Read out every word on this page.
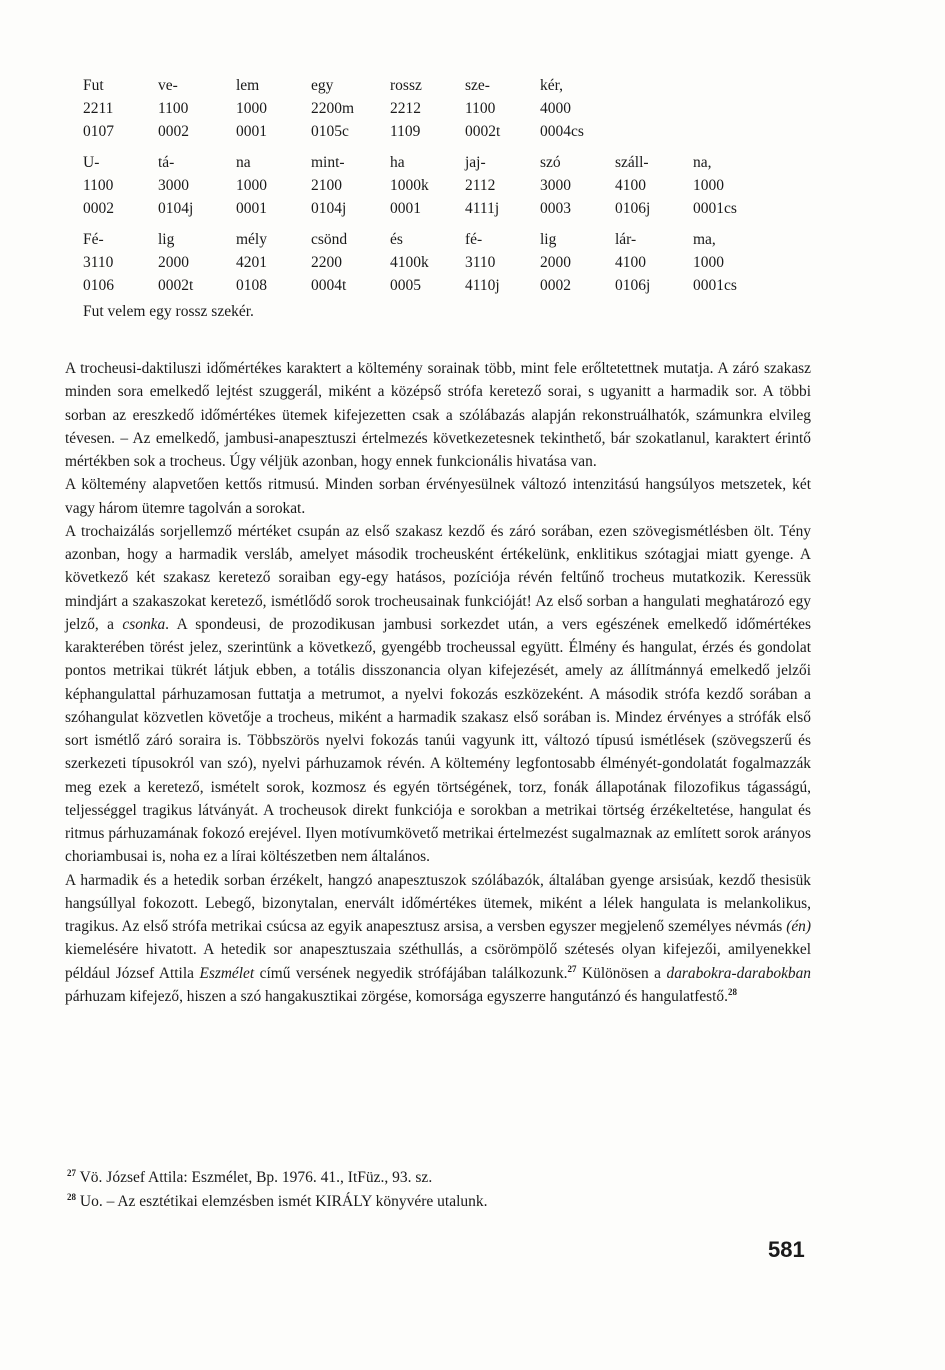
Fut	ve-	lem	egy	rossz	sze-	kér,
2211	1100	1000	2200m	2212	1100	4000
0107	0002	0001	0105c	1109	0002t	0004cs
U-	tá-	na	mint-	ha	jaj-	szó	száll-	na,
1100	3000	1000	2100	1000k	2112	3000	4100	1000
0002	0104j	0001	0104j	0001	4111j	0003	0106j	0001cs
Fé-	lig	mély	csönd	és	fé-	lig	lár-	ma,
3110	2000	4201	2200	4100k	3110	2000	4100	1000
0106	0002t	0108	0004t	0005	4110j	0002	0106j	0001cs
Fut velem egy rossz szekér.

A trocheusi-daktiluszi időmértékes karaktert a költemény sorainak több, mint fele erőltetettnek mutatja. A záró szakasz minden sora emelkedő lejtést szuggerál, miként a középső strófa keretező sorai, s ugyanitt a harmadik sor. A többi sorban az ereszkedő időmértékes ütemek kifejezetten csak a szólábazás alapján rekonstruálhatók, számunkra elvileg tévesen. – Az emelkedő, jambusi-anapesztuszi értelmezés következetesnek tekinthető, bár szokatlanul, karaktert érintő mértékben sok a trocheus. Úgy véljük azonban, hogy ennek funkcionális hivatása van.

A költemény alapvetően kettős ritmusú. Minden sorban érvényesülnek változó intenzitású hangsúlyos metszetek, két vagy három ütemre tagolván a sorokat.

A trochaizálás sorjellemző mértéket csupán az első szakasz kezdő és záró sorában, ezen szövegismétlésben ölt. Tény azonban, hogy a harmadik versláb, amelyet második trocheusként értékelünk, enklitikus szótagjai miatt gyenge. A következő két szakasz keretező soraiban egy-egy hatásos, pozíciója révén feltűnő trocheus mutatkozik. Keressük mindjárt a szakaszokat keretező, ismétlődő sorok trocheusainak funkcióját! Az első sorban a hangulati meghatározó egy jelző, a csonka. A spondeusi, de prozodikusan jambusi sorkezdet után, a vers egészének emelkedő időmértékes karakterében törést jelez, szerintünk a következő, gyengébb trocheussal együtt. Élmény és hangulat, érzés és gondolat pontos metrikai tükrét látjuk ebben, a totális disszonancia olyan kifejezését, amely az állítmánnyá emelkedő jelzői képhangulattal párhuzamosan futtatja a metrumot, a nyelvi fokozás eszközeként. A második strófa kezdő sorában a szóhangulat közvetlen követője a trocheus, miként a harmadik szakasz első sorában is. Mindez érvényes a strófák első sort ismétlő záró soraira is. Többszörös nyelvi fokozás tanúi vagyunk itt, változó típusú ismétlések (szövegszerű és szerkezeti típusokról van szó), nyelvi párhuzamok révén. A költemény legfontosabb élményét-gondolatát fogalmazzák meg ezek a keretező, ismételt sorok, kozmosz és egyén törtségének, torz, fonák állapotának filozofikus tágasságú, teljességgel tragikus látványát. A trocheusok direkt funkciója e sorokban a metrikai törtség érzékeltetése, hangulat és ritmus párhuzamának fokozó erejével. Ilyen motívumkövető metrikai értelmezést sugalmaznak az említett sorok arányos choriambusai is, noha ez a lírai költészetben nem általános.

A harmadik és a hetedik sorban érzékelt, hangzó anapesztuszok szólábazók, általában gyenge arsisúak, kezdő thesisük hangsúllyal fokozott. Lebegő, bizonytalan, enervált időmértékes ütemek, miként a lélek hangulata is melankolikus, tragikus. Az első strófa metrikai csúcsa az egyik anapesztusz arsisa, a versben egyszer megjelenő személyes névmás (én) kiemelésére hivatott. A hetedik sor anapesztuszaia széthullás, a csörömpölő szétesés olyan kifejezői, amilyenekkel például József Attila Eszmélet című versének negyedik strófájában találkozunk.$^{27}$ Különösen a darabokra-darabokban párhuzam kifejező, hiszen a szó hangakusztikai zörgése, komorsága egyszerre hangutánzó és hangulatfestő.$^{28}$

$^{27}$ Vö. József Attila: Eszmélet, Bp. 1976. 41., ItFüz., 93. sz.
$^{28}$ Uo. – Az esztétikai elemzésben ismét KIRÁLY könyvére utalunk.
581
